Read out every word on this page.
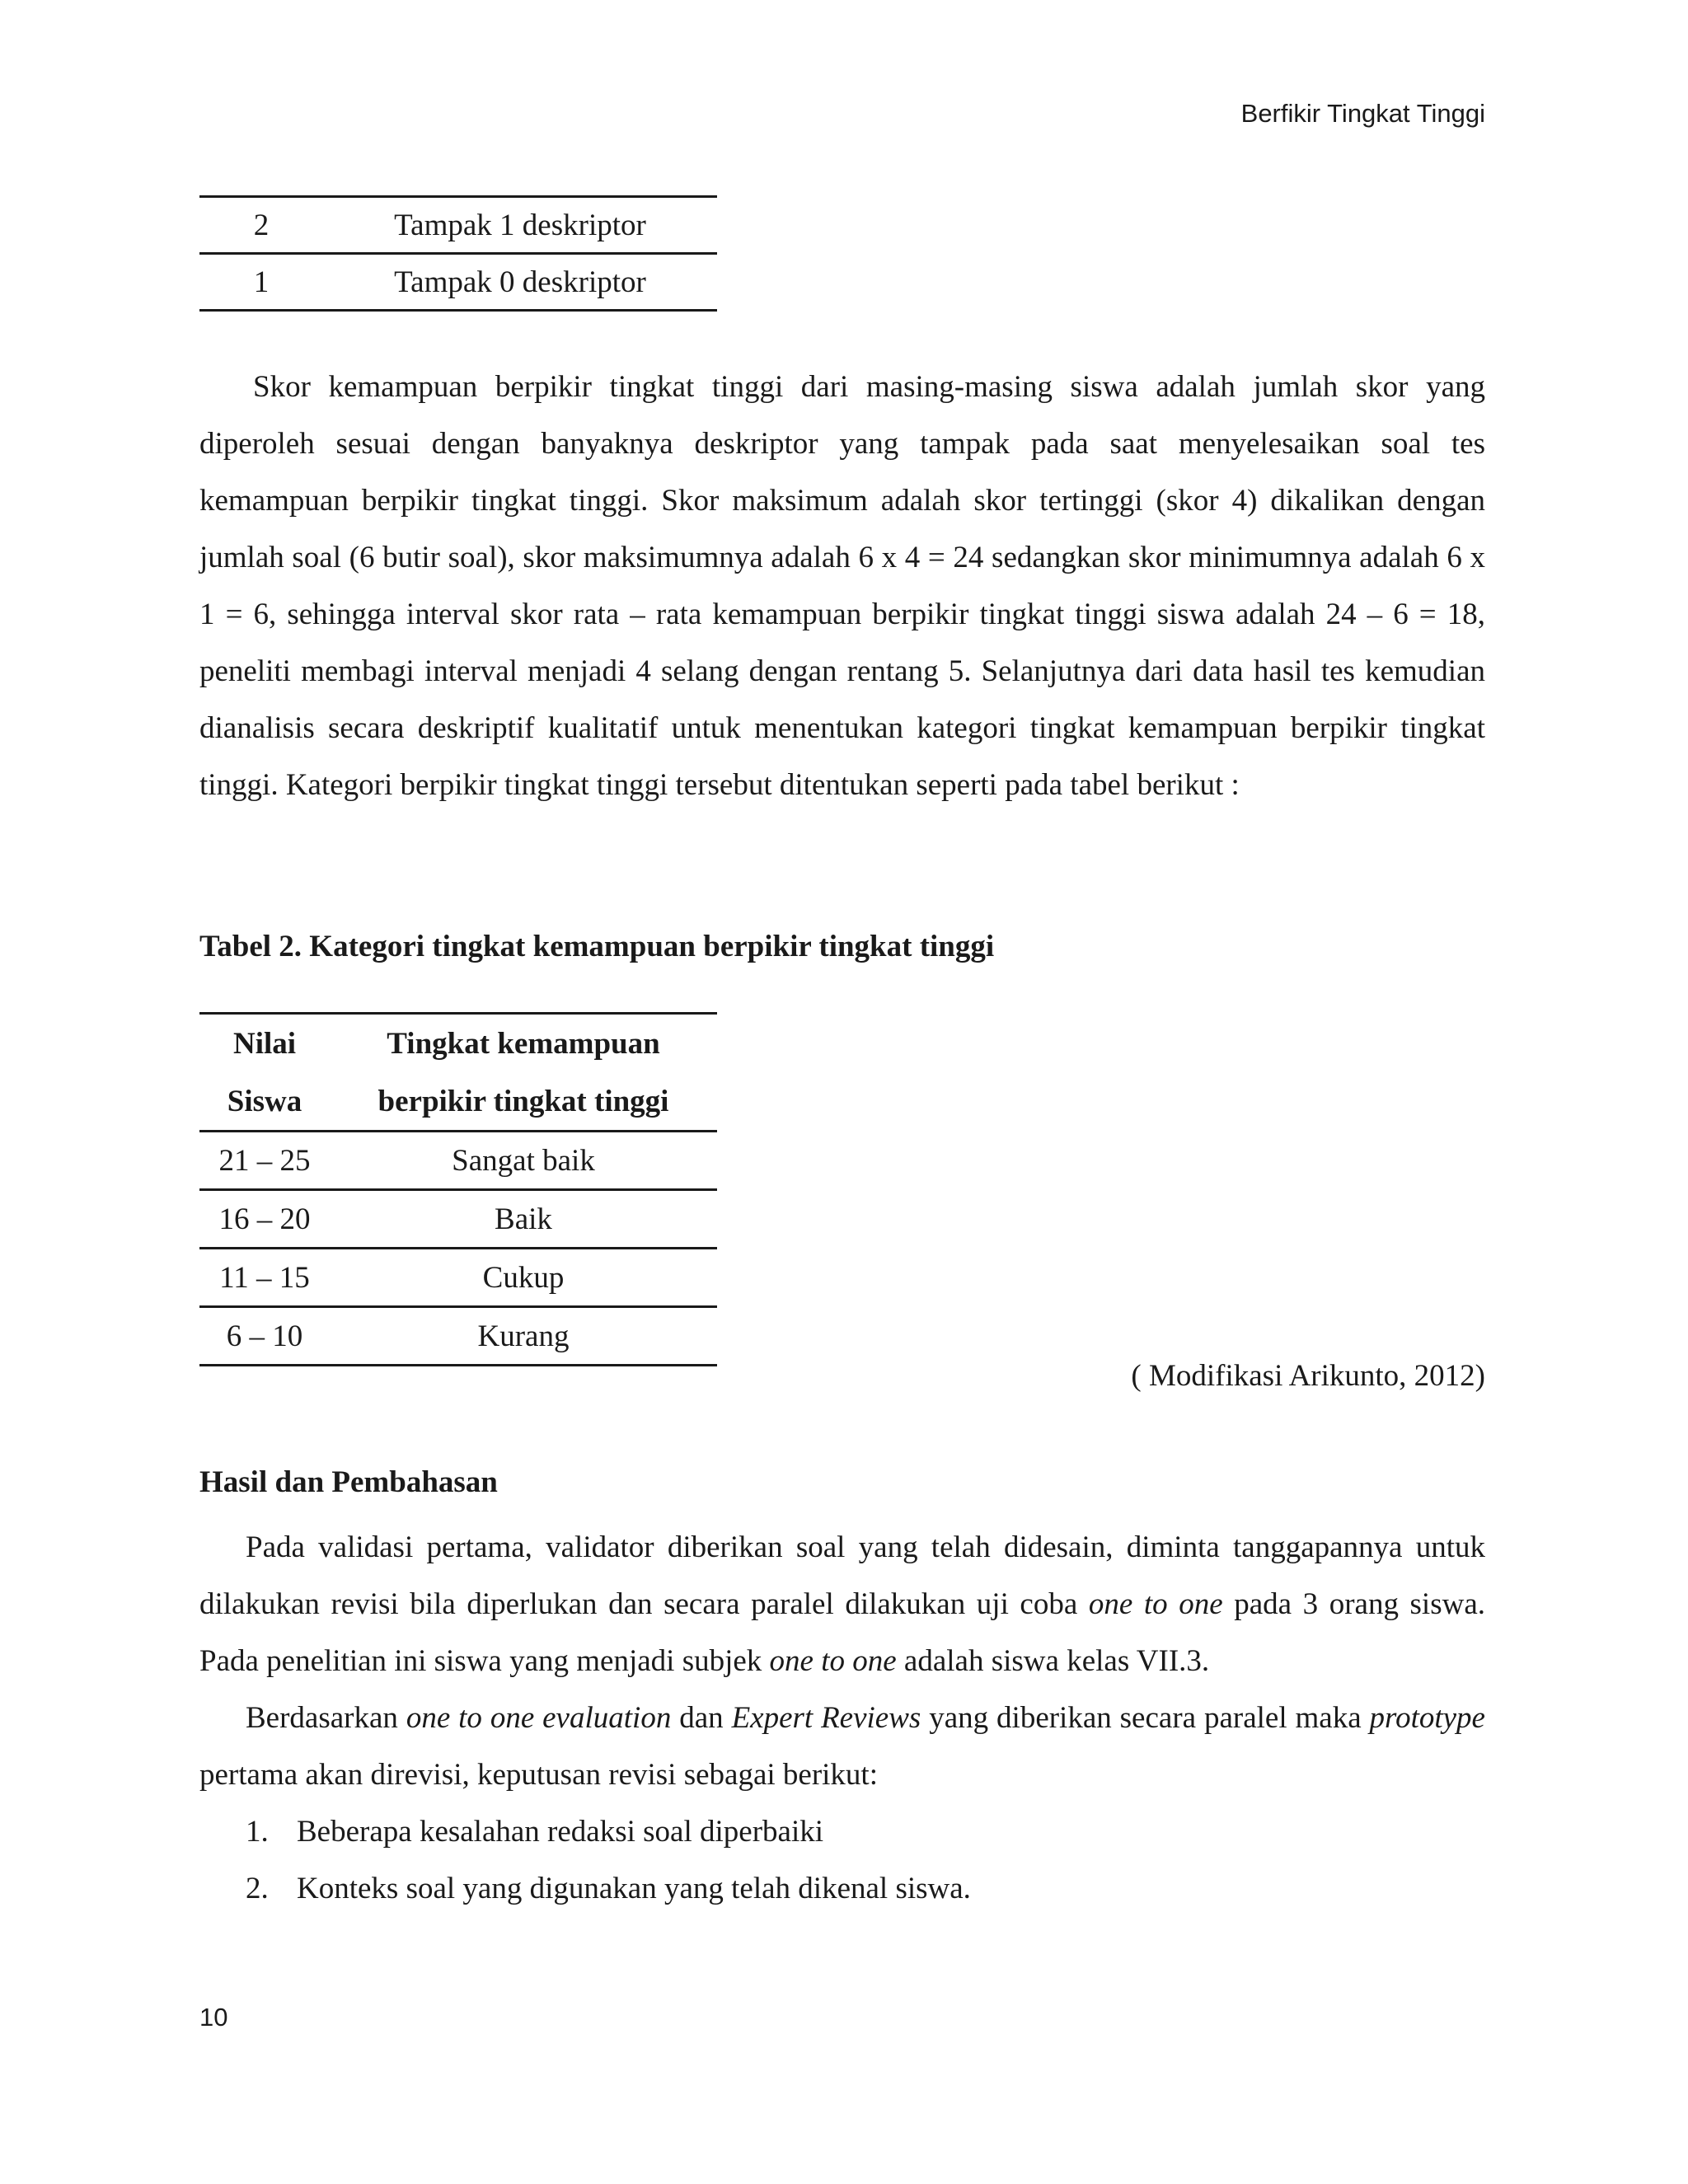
Berfikir Tingkat Tinggi
2	Tampak 1 deskriptor
1	Tampak 0 deskriptor

Skor kemampuan berpikir tingkat tinggi dari masing-masing siswa adalah jumlah skor yang diperoleh sesuai dengan banyaknya deskriptor yang tampak pada saat menyelesaikan soal tes kemampuan berpikir tingkat tinggi. Skor maksimum adalah skor tertinggi (skor 4) dikalikan dengan jumlah soal (6 butir soal), skor maksimumnya adalah 6 x 4 = 24 sedangkan skor minimumnya adalah 6 x 1 = 6, sehingga interval skor rata – rata kemampuan berpikir tingkat tinggi siswa adalah 24 – 6 = 18, peneliti membagi interval menjadi 4 selang dengan rentang 5. Selanjutnya dari data hasil tes kemudian dianalisis secara deskriptif kualitatif untuk menentukan kategori tingkat kemampuan berpikir tingkat tinggi. Kategori berpikir tingkat tinggi tersebut ditentukan seperti pada tabel berikut :

Tabel 2. Kategori tingkat kemampuan berpikir tingkat tinggi

Nilai	Tingkat kemampuan
Siswa	berpikir tingkat tinggi
21 – 25	Sangat baik
16 – 20	Baik
11 – 15	Cukup
6 – 10	Kurang

( Modifikasi Arikunto, 2012)

Hasil dan Pembahasan

Pada validasi pertama, validator diberikan soal yang telah didesain, diminta tanggapannya untuk dilakukan revisi bila diperlukan dan secara paralel dilakukan uji coba one to one pada 3 orang siswa. Pada penelitian ini siswa yang menjadi subjek one to one adalah siswa kelas VII.3.

Berdasarkan one to one evaluation dan Expert Reviews yang diberikan secara paralel maka prototype pertama akan direvisi, keputusan revisi sebagai berikut:

1. Beberapa kesalahan redaksi soal diperbaiki
2. Konteks soal yang digunakan yang telah dikenal siswa.
10
